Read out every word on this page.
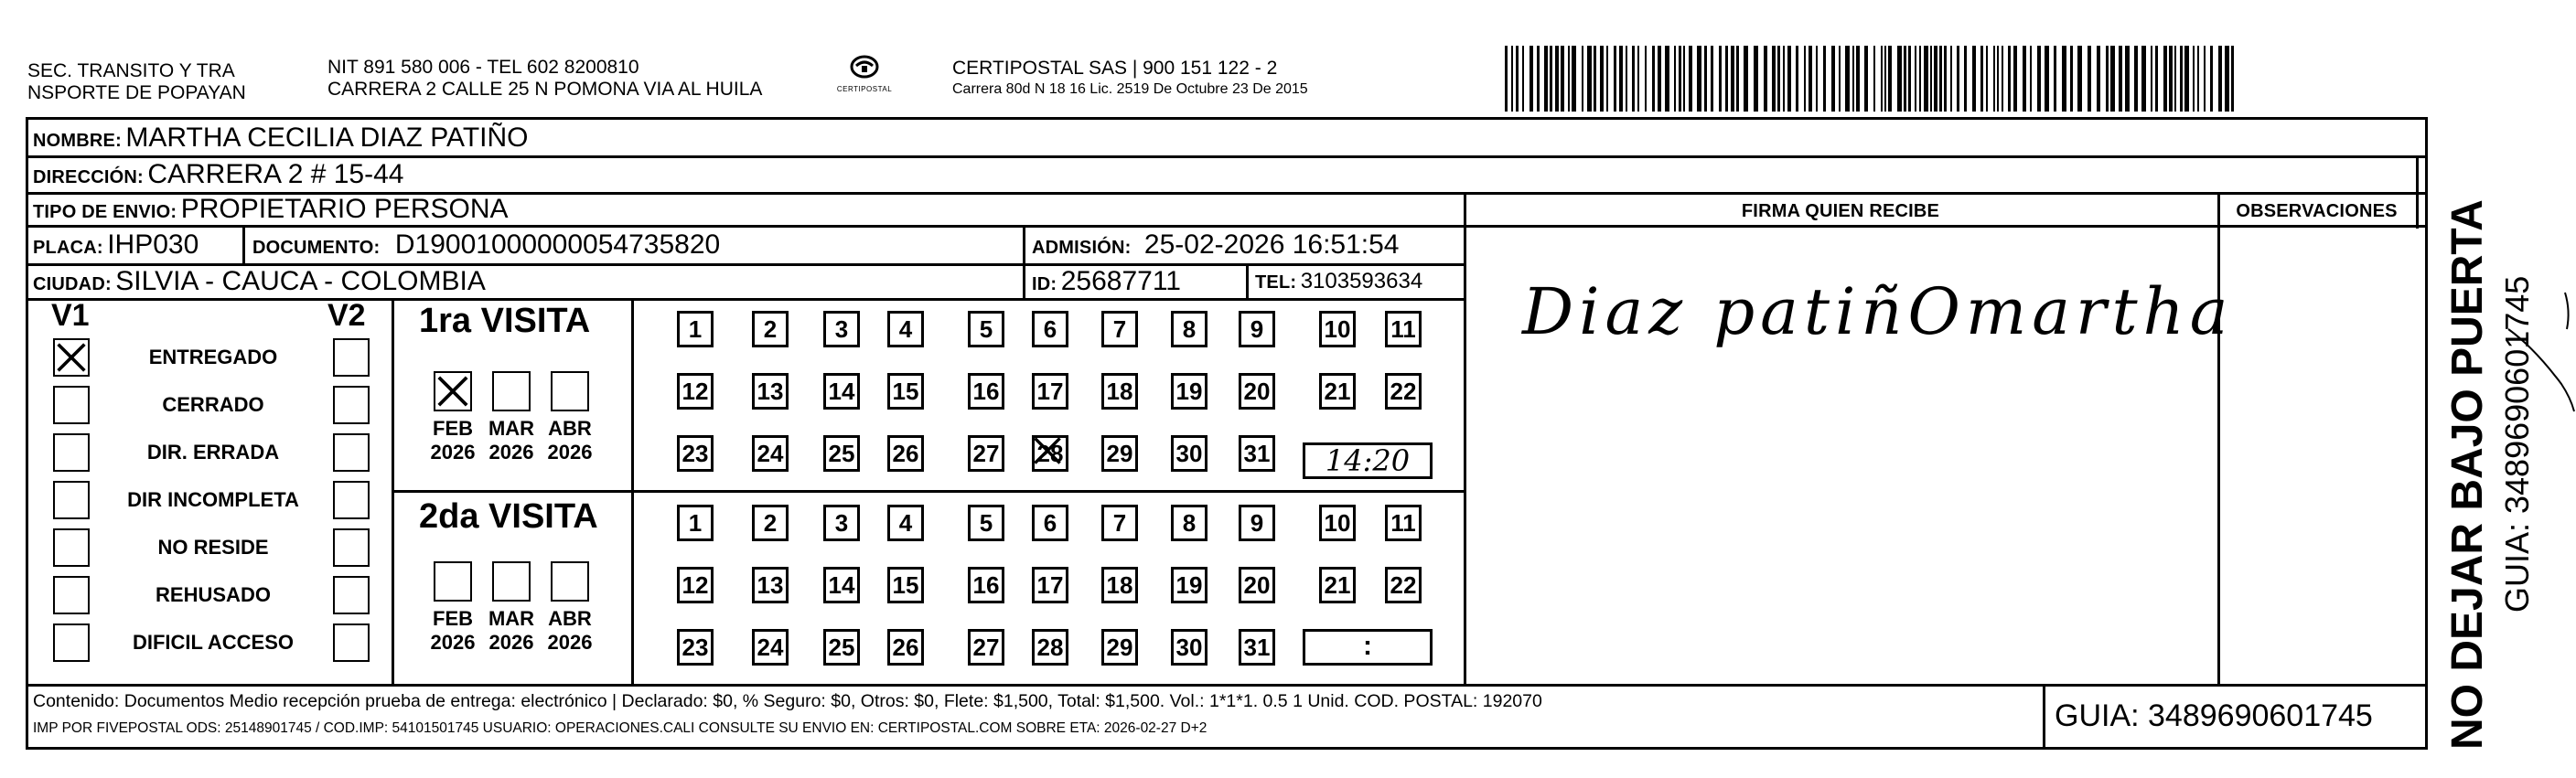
SEC. TRANSITO Y TRA
NSPORTE DE POPAYAN
NIT 891 580 006 - TEL 602 8200810
CARRERA 2 CALLE 25 N POMONA VIA AL HUILA	CERTIPOSTAL
CERTIPOSTAL SAS | 900 151 122 - 2
Carrera 80d N 18 16 Lic. 2519 De Octubre 23 De 2015
NOMBRE: MARTHA CECILIA DIAZ PATIÑO
DIRECCIÓN: CARRERA 2 # 15-44
TIPO DE ENVIO: PROPIETARIO PERSONA	FIRMA QUIEN RECIBE	OBSERVACIONES
PLACA: IHP030	DOCUMENTO: D19001000000054735820	ADMISIÓN: 25-02-2026 16:51:54
CIUDAD: SILVIA - CAUCA - COLOMBIA	ID: 25687711	TEL: 3103593634 Diaz patiñOmartha
V1	V2
ENTREGADO
CERRADO
DIR. ERRADA
DIR INCOMPLETA
NO RESIDE
REHUSADO
DIFICIL ACCESO
1ra VISITA
2da VISITA
FEB
2026
MAR
2026
ABR
2026
FEB
2026
MAR
2026
ABR
2026
1	2	3	4	5	6	7	8	9	10 11
12 13 14 15 16 17 18 19 20 21 22
23 24 25 26 27 28 29 30 31
1	2	3	4	5	6	7	8	9	10 11
12 13 14 15 16 17 18 19 20 21 22
23 24 25 26 27 28 29 30 31
14:20
:
Contenido: Documentos Medio recepción prueba de entrega: electrónico | Declarado: $0, % Seguro: $0, Otros: $0, Flete: $1,500, Total: $1,500. Vol.: 1*1*1. 0.5 1 Unid. COD. POSTAL: 192070
IMP POR FIVEPOSTAL ODS: 25148901745 / COD.IMP: 54101501745 USUARIO: OPERACIONES.CALI CONSULTE SU ENVIO EN: CERTIPOSTAL.COM SOBRE ETA: 2026-02-27 D+2	GUIA: 3489690601745 NO DEJAR BAJO PUERTA GUIA: 3489690601745
